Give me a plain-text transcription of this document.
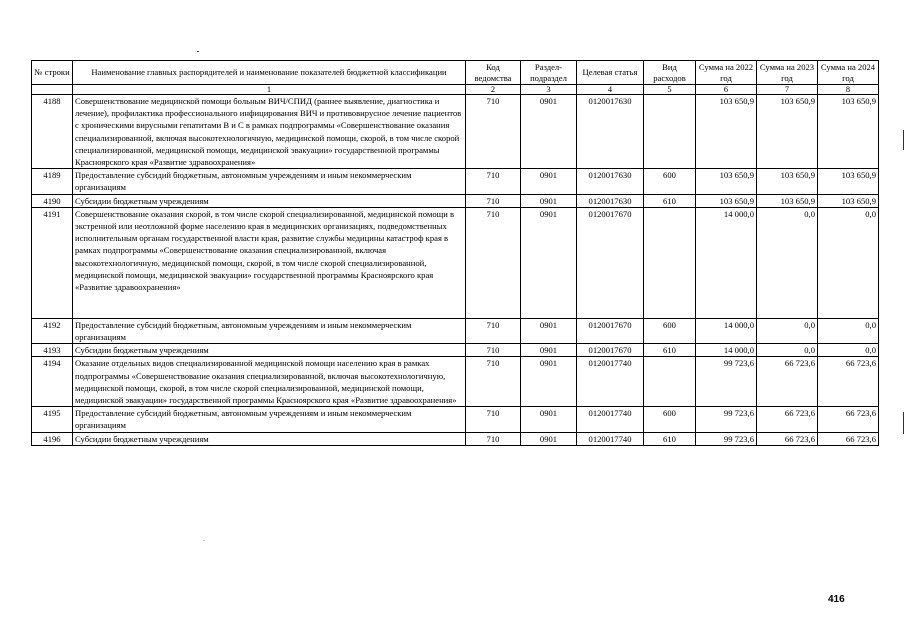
№ строки	Наименование главных распорядителей и наименование показателей бюджетной классификации	Код ведомства	Раздел-подраздел	Целевая статья	Вид расходов	Сумма на 2022 год	Сумма на 2023 год	Сумма на 2024 год
	1	2	3	4	5	6	7	8
4188	Совершенствование медицинской помощи больным ВИЧ/СПИД (раннее выявление, диагностика и лечение), профилактика профессионального инфицирования ВИЧ и противовирусное лечение пациентов с хроническими вирусными гепатитами В и С в рамках подпрограммы «Совершенствование оказания специализированной, включая высокотехнологичную, медицинской помощи, скорой, в том числе скорой специализированной, медицинской помощи, медицинской эвакуации» государственной программы Красноярского края «Развитие здравоохранения»	710	0901	0120017630		103 650,9	103 650,9	103 650,9
4189	Предоставление субсидий бюджетным, автономным учреждениям и иным некоммерческим организациям	710	0901	0120017630	600	103 650,9	103 650,9	103 650,9
4190	Субсидии бюджетным учреждениям	710	0901	0120017630	610	103 650,9	103 650,9	103 650,9
4191	Совершенствование оказания скорой, в том числе скорой специализированной, медицинской помощи в экстренной или неотложной форме населению края в медицинских организациях, подведомственных исполнительным органам государственной власти края, развитие службы медицины катастроф края в рамках подпрограммы «Совершенствование оказания специализированной, включая высокотехнологичную, медицинской помощи, скорой, в том числе скорой специализированной, медицинской помощи, медицинской эвакуации» государственной программы Красноярского края «Развитие здравоохранения»	710	0901	0120017670		14 000,0	0,0	0,0
4192	Предоставление субсидий бюджетным, автономным учреждениям и иным некоммерческим организациям	710	0901	0120017670	600	14 000,0	0,0	0,0
4193	Субсидии бюджетным учреждениям	710	0901	0120017670	610	14 000,0	0,0	0,0
4194	Оказание отдельных видов специализированной медицинской помощи населению края в рамках подпрограммы «Совершенствование оказания специализированной, включая высокотехнологичную, медицинской помощи, скорой, в том числе скорой специализированной, медицинской помощи, медицинской эвакуации» государственной программы Красноярского края «Развитие здравоохранения»	710	0901	0120017740		99 723,6	66 723,6	66 723,6
4195	Предоставление субсидий бюджетным, автономным учреждениям и иным некоммерческим организациям	710	0901	0120017740	600	99 723,6	66 723,6	66 723,6
4196	Субсидии бюджетным учреждениям	710	0901	0120017740	610	99 723,6	66 723,6	66 723,6
416
